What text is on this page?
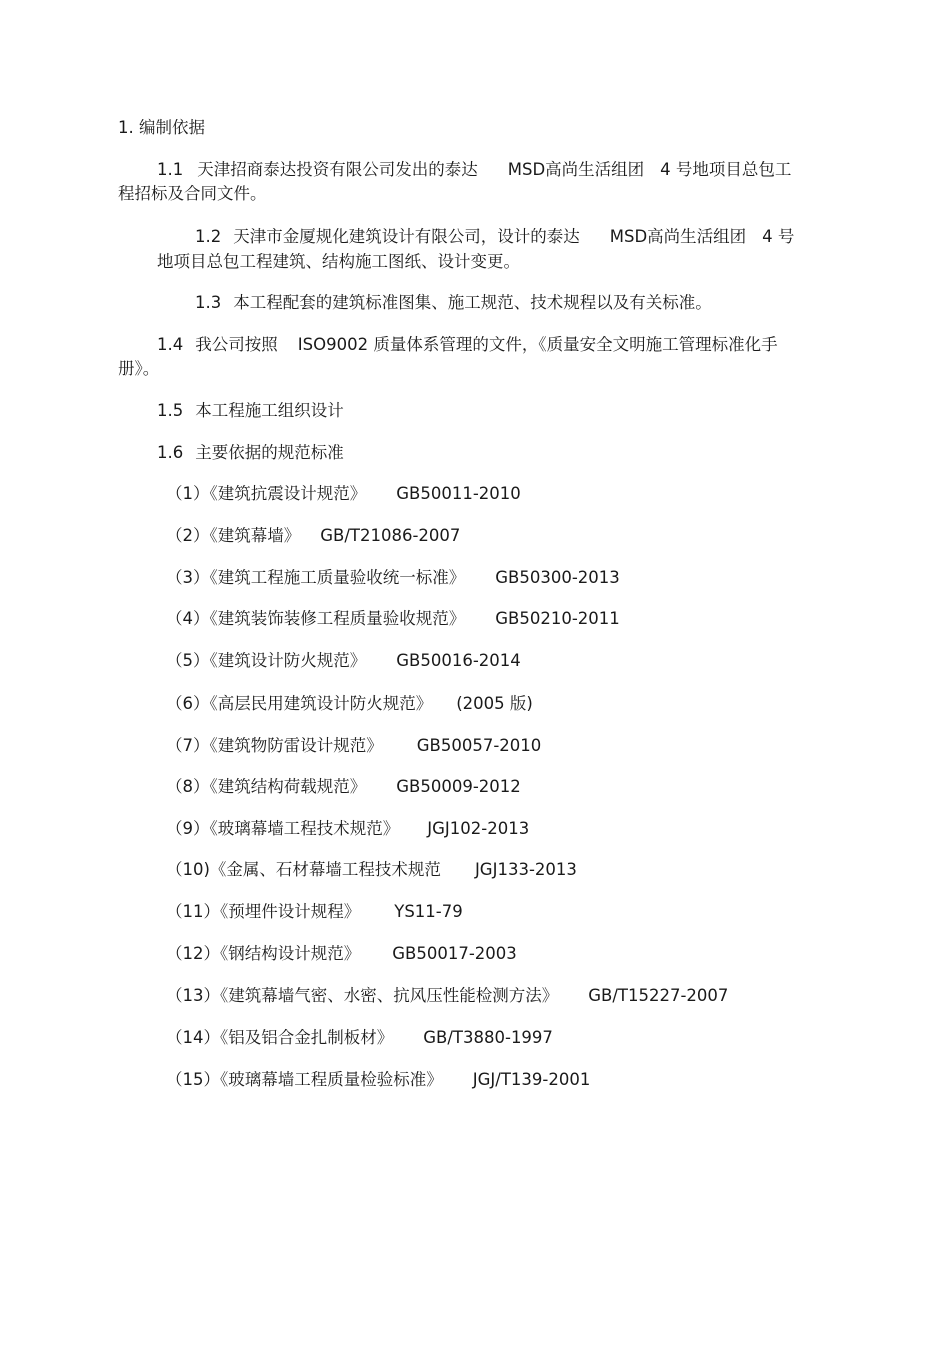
1. 编制依据
1.1 天津招商泰达投资有限公司发出的泰达 MSD高尚生活组团 4 号地项目总包工
程招标及合同文件。
1.2 天津市金厦规化建筑设计有限公司，设计的泰达 MSD高尚生活组团 4 号
地项目总包工程建筑、结构施工图纸、设计变更。
1.3 本工程配套的建筑标准图集、施工规范、技术规程以及有关标准。
1.4 我公司按照 ISO9002 质量体系管理的文件，《质量安全文明施工管理标准化手
册》。
1.5 本工程施工组织设计
1.6 主要依据的规范标准
（1）《建筑抗震设计规范》 GB50011-2010
（2）《建筑幕墙》 GB/T21086-2007
（3）《建筑工程施工质量验收统一标准》 GB50300-2013
（4）《建筑装饰装修工程质量验收规范》 GB50210-2011
（5）《建筑设计防火规范》 GB50016-2014
（6）《高层民用建筑设计防火规范》 (2005 版)
（7）《建筑物防雷设计规范》 GB50057-2010
（8）《建筑结构荷载规范》 GB50009-2012
（9）《玻璃幕墙工程技术规范》 JGJ102-2013
（10)《金属、石材幕墙工程技术规范 JGJ133-2013
（11）《预埋件设计规程》 YS11-79
（12）《钢结构设计规范》 GB50017-2003
（13）《建筑幕墙气密、水密、抗风压性能检测方法》 GB/T15227-2007
（14）《铝及铝合金扎制板材》 GB/T3880-1997
（15）《玻璃幕墙工程质量检验标准》 JGJ/T139-2001
